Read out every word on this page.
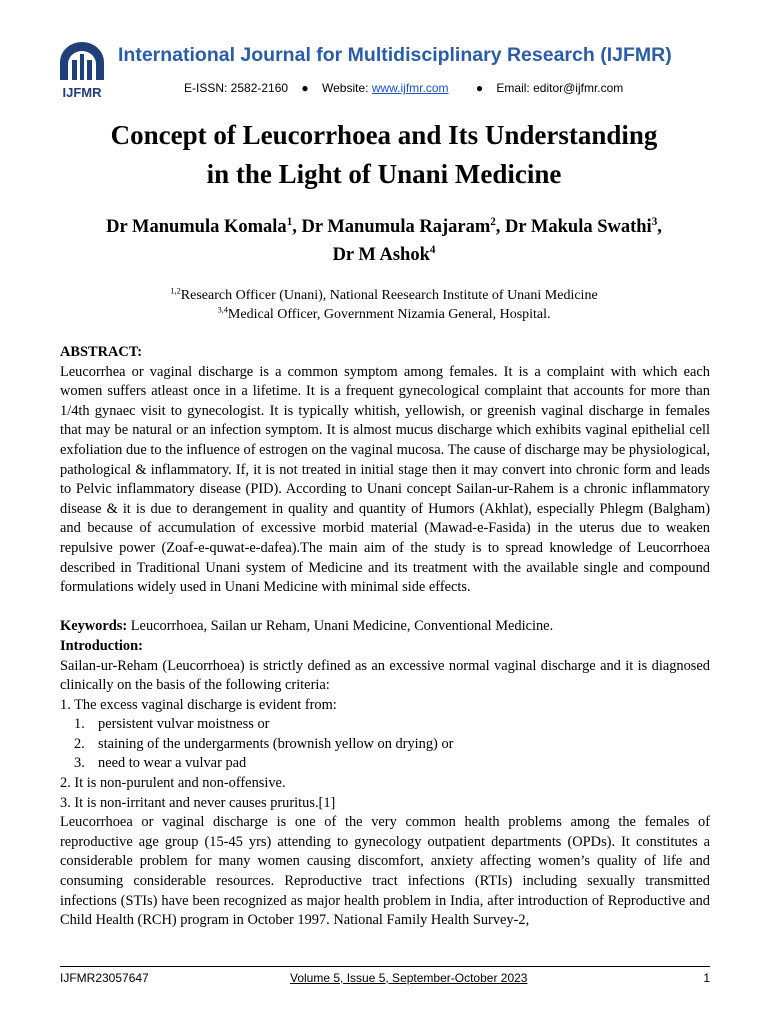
IJFMR
International Journal for Multidisciplinary Research (IJFMR)
E-ISSN: 2582-2160 ● Website: www.ijfmr.com ● Email: editor@ijfmr.com
Concept of Leucorrhoea and Its Understanding
in the Light of Unani Medicine
Dr Manumula Komala$^1$, Dr Manumula Rajaram$^2$, Dr Makula Swathi$^3$,
Dr M Ashok$^4$
$^{1,2}$Research Officer (Unani), National Reesearch Institute of Unani Medicine
$^{3,4}$Medical Officer, Government Nizamia General, Hospital.

ABSTRACT:

Leucorrhea or vaginal discharge is a common symptom among females. It is a complaint with which each women suffers atleast once in a lifetime. It is a frequent gynecological complaint that accounts for more than 1/4th gynaec visit to gynecologist. It is typically whitish, yellowish, or greenish vaginal discharge in females that may be natural or an infection symptom. It is almost mucus discharge which exhibits vaginal epithelial cell exfoliation due to the influence of estrogen on the vaginal mucosa. The cause of discharge may be physiological, pathological & inflammatory. If, it is not treated in initial stage then it may convert into chronic form and leads to Pelvic inflammatory disease (PID). According to Unani concept Sailan-ur-Rahem is a chronic inflammatory disease & it is due to derangement in quality and quantity of Humors (Akhlat), especially Phlegm (Balgham) and because of accumulation of excessive morbid material (Mawad-e-Fasida) in the uterus due to weaken repulsive power (Zoaf-e-quwat-e-dafea).The main aim of the study is to spread knowledge of Leucorrhoea described in Traditional Unani system of Medicine and its treatment with the available single and compound formulations widely used in Unani Medicine with minimal side effects.

Keywords: Leucorrhoea, Sailan ur Reham, Unani Medicine, Conventional Medicine.

Introduction:

Sailan-ur-Reham (Leucorrhoea) is strictly defined as an excessive normal vaginal discharge and it is diagnosed clinically on the basis of the following criteria:

1. The excess vaginal discharge is evident from:

1. persistent vulvar moistness or

2. staining of the undergarments (brownish yellow on drying) or

3. need to wear a vulvar pad

2. It is non-purulent and non-offensive.

3. It is non-irritant and never causes pruritus.[1]

Leucorrhoea or vaginal discharge is one of the very common health problems among the females of reproductive age group (15-45 yrs) attending to gynecology outpatient departments (OPDs). It constitutes a considerable problem for many women causing discomfort, anxiety affecting women’s quality of life and consuming considerable resources. Reproductive tract infections (RTIs) including sexually transmitted infections (STIs) have been recognized as major health problem in India, after introduction of Reproductive and Child Health (RCH) program in October 1997. National Family Health Survey-2,

IJFMR23057647	Volume 5, Issue 5, September-October 2023	1
